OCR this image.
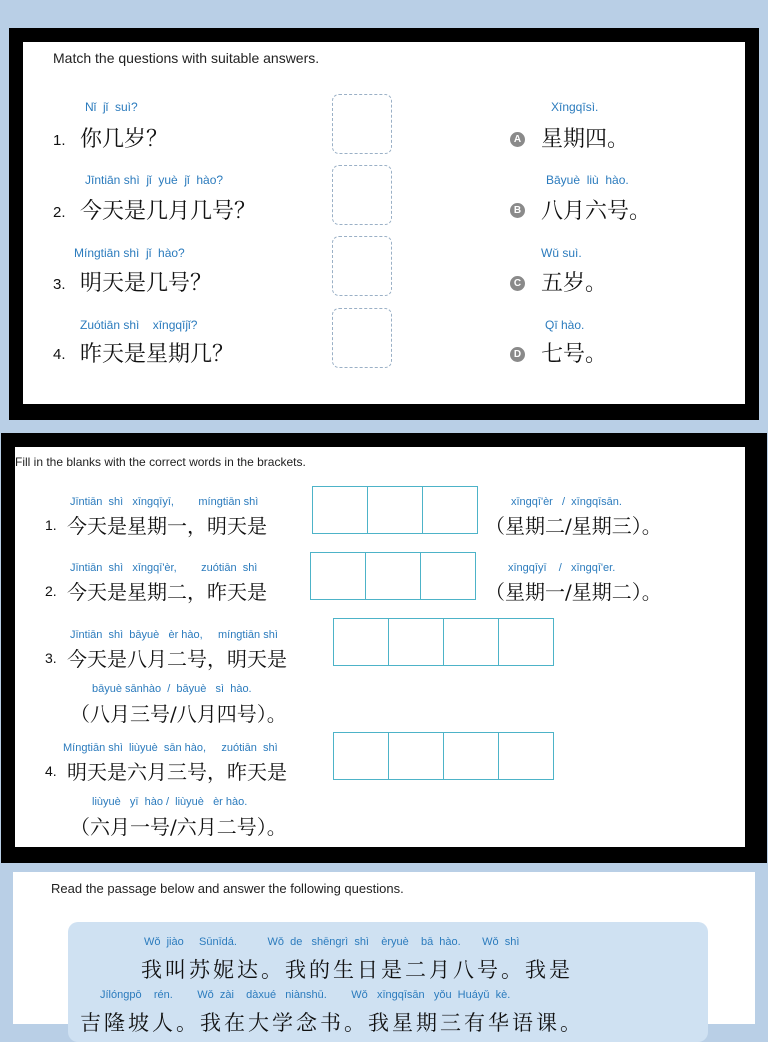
Match the questions with suitable answers.
Nǐ  jǐ  suì?
1. 你几岁？
Jīntiān shì  jǐ  yuè  jǐ  hào?
2. 今天是几月几号？
Míngtiān shì  jǐ  hào?
3. 明天是几号？
Zuótiān shì    xīngqījǐ?
4. 昨天是星期几？
Xīngqīsì.
A 星期四。
Bāyuè  liù  hào.
B 八月六号。
Wǔ suì.
C 五岁。
Qī hào.
D 七号。
Fill in the blanks with the correct words in the brackets.
Jīntiān  shì   xīngqīyī,        míngtiān shì
1. 今天是星期一，明天是
xīngqī'èr   /  xīngqīsān.
（星期二/星期三）。
Jīntiān  shì   xīngqī'èr,        zuótiān  shì
2. 今天是星期二，昨天是
xīngqīyī    /   xīngqī'er.
（星期一/星期二）。
Jīntiān  shì  bāyuè   èr hào,     míngtiān shì
3. 今天是八月二号，明天是
bāyuè sānhào  /  bāyuè   sì  hào.
（八月三号/八月四号）。
Míngtiān shì  liùyuè  sān hào,     zuótiān  shì
4. 明天是六月三号，昨天是
liùyuè   yī  hào /  liùyuè   èr hào.
（六月一号/六月二号）。
Read the passage below and answer the following questions.
Wǒ  jiào     Sūnīdá.          Wǒ  de   shēngrì  shì    èryuè    bā  hào.       Wǒ  shì
我叫苏妮达。我的生日是二月八号。我是
Jílóngpō    rén.        Wǒ  zài    dàxué   niànshū.        Wǒ   xīngqīsān   yǒu  Huáyǔ  kè.
吉隆坡人。我在大学念书。我星期三有华语课。
